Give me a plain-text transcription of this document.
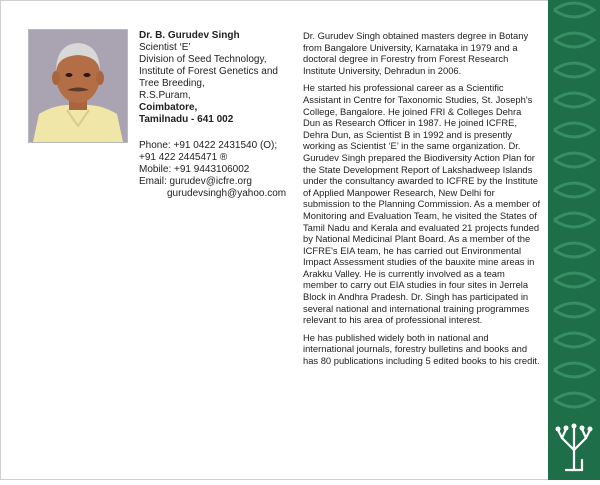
Dr. B. Gurudev Singh
Scientist ‘E’
Division of Seed Technology,
Institute of Forest Genetics and
Tree Breeding,
R.S.Puram,
Coimbatore,
Tamilnadu - 641 002
Phone: +91 0422 2431540 (O);
+91 422 2445471 ®
Mobile: +91 9443106002
Email: gurudev@icfre.org
gurudevsingh@yahoo.com

Dr. Gurudev Singh obtained masters degree in Botany from Bangalore University, Karnataka in 1979 and a doctoral degree in Forestry from Forest Research Institute University, Dehradun in 2006.

He started his professional career as a Scientific Assistant in Centre for Taxonomic Studies, St. Joseph's College, Bangalore. He joined FRI & Colleges Dehra Dun as Research Officer in 1987. He joined ICFRE, Dehra Dun, as Scientist B in 1992 and is presently working as Scientist ‘E’ in the same organization. Dr. Gurudev Singh prepared the Biodiversity Action Plan for the State Development Report of Lakshadweep Islands under the consultancy awarded to ICFRE by the Institute of Applied Manpower Research, New Delhi for submission to the Planning Commission. As a member of Monitoring and Evaluation Team, he visited the States of Tamil Nadu and Kerala and evaluated 21 projects funded by National Medicinal Plant Board. As a member of the ICFRE's EIA team, he has carried out Environmental Impact Assessment studies of the bauxite mine areas in Arakku Valley. He is currently involved as a team member to carry out EIA studies in four sites in Jerrela Block in Andhra Pradesh. Dr. Singh has participated in several national and international training programmes relevant to his area of professional interest.

He has published widely both in national and international journals, forestry bulletins and books and has 80 publications including 5 edited books to his credit.
